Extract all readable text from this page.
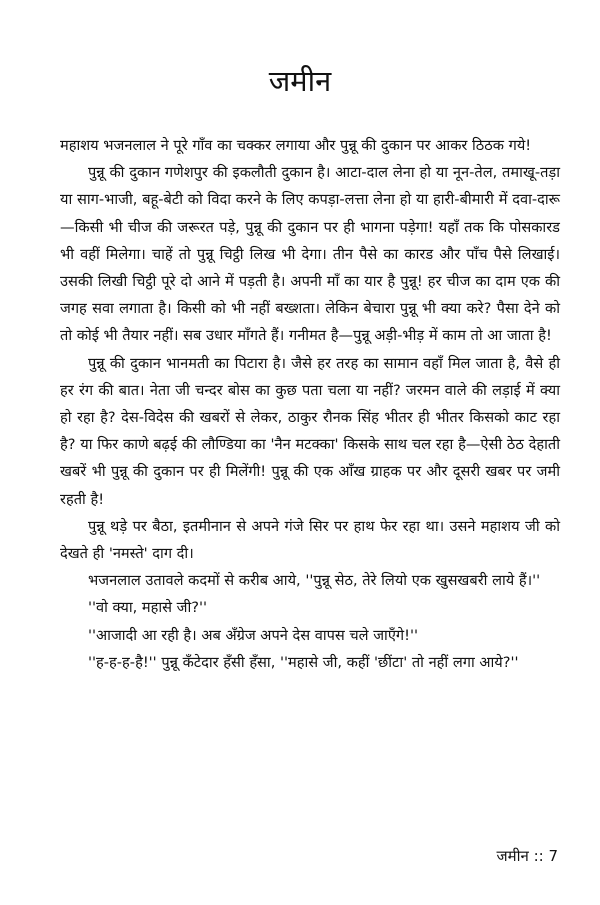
जमीन

महाशय भजनलाल ने पूरे गाँव का चक्कर लगाया और पुन्नू की दुकान पर आकर ठिठक गये!

पुन्नू की दुकान गणेशपुर की इकलौती दुकान है। आटा-दाल लेना हो या नून-तेल, तमाखू-तड़ा या साग-भाजी, बहू-बेटी को विदा करने के लिए कपड़ा-लत्ता लेना हो या हारी-बीमारी में दवा-दारू—किसी भी चीज की जरूरत पड़े, पुन्नू की दुकान पर ही भागना पड़ेगा! यहाँ तक कि पोसकारड भी वहीं मिलेगा। चाहें तो पुन्नू चिट्ठी लिख भी देगा। तीन पैसे का कारड और पाँच पैसे लिखाई। उसकी लिखी चिट्ठी पूरे दो आने में पड़ती है। अपनी माँ का यार है पुन्नू! हर चीज का दाम एक की जगह सवा लगाता है। किसी को भी नहीं बख्शता। लेकिन बेचारा पुन्नू भी क्या करे? पैसा देने को तो कोई भी तैयार नहीं। सब उधार माँगते हैं। गनीमत है—पुन्नू अड़ी-भीड़ में काम तो आ जाता है!

पुन्नू की दुकान भानमती का पिटारा है। जैसे हर तरह का सामान वहाँ मिल जाता है, वैसे ही हर रंग की बात। नेता जी चन्दर बोस का कुछ पता चला या नहीं? जरमन वाले की लड़ाई में क्या हो रहा है? देस-विदेस की खबरों से लेकर, ठाकुर रौनक सिंह भीतर ही भीतर किसको काट रहा है? या फिर काणे बढ़ई की लौण्डिया का 'नैन मटक्का' किसके साथ चल रहा है—ऐसी ठेठ देहाती खबरें भी पुन्नू की दुकान पर ही मिलेंगी! पुन्नू की एक आँख ग्राहक पर और दूसरी खबर पर जमी रहती है!

पुन्नू थड़े पर बैठा, इतमीनान से अपने गंजे सिर पर हाथ फेर रहा था। उसने महाशय जी को देखते ही 'नमस्ते' दाग दी।

भजनलाल उतावले कदमों से करीब आये, ''पुन्नू सेठ, तेरे लियो एक खुसखबरी लाये हैं।''

''वो क्या, महासे जी?''

''आजादी आ रही है। अब अँग्रेज अपने देस वापस चले जाएँगे!''

''ह-ह-ह-है!'' पुन्नू कँटेदार हँसी हँसा, ''महासे जी, कहीं 'छींटा' तो नहीं लगा आये?''

जमीन :: 7
